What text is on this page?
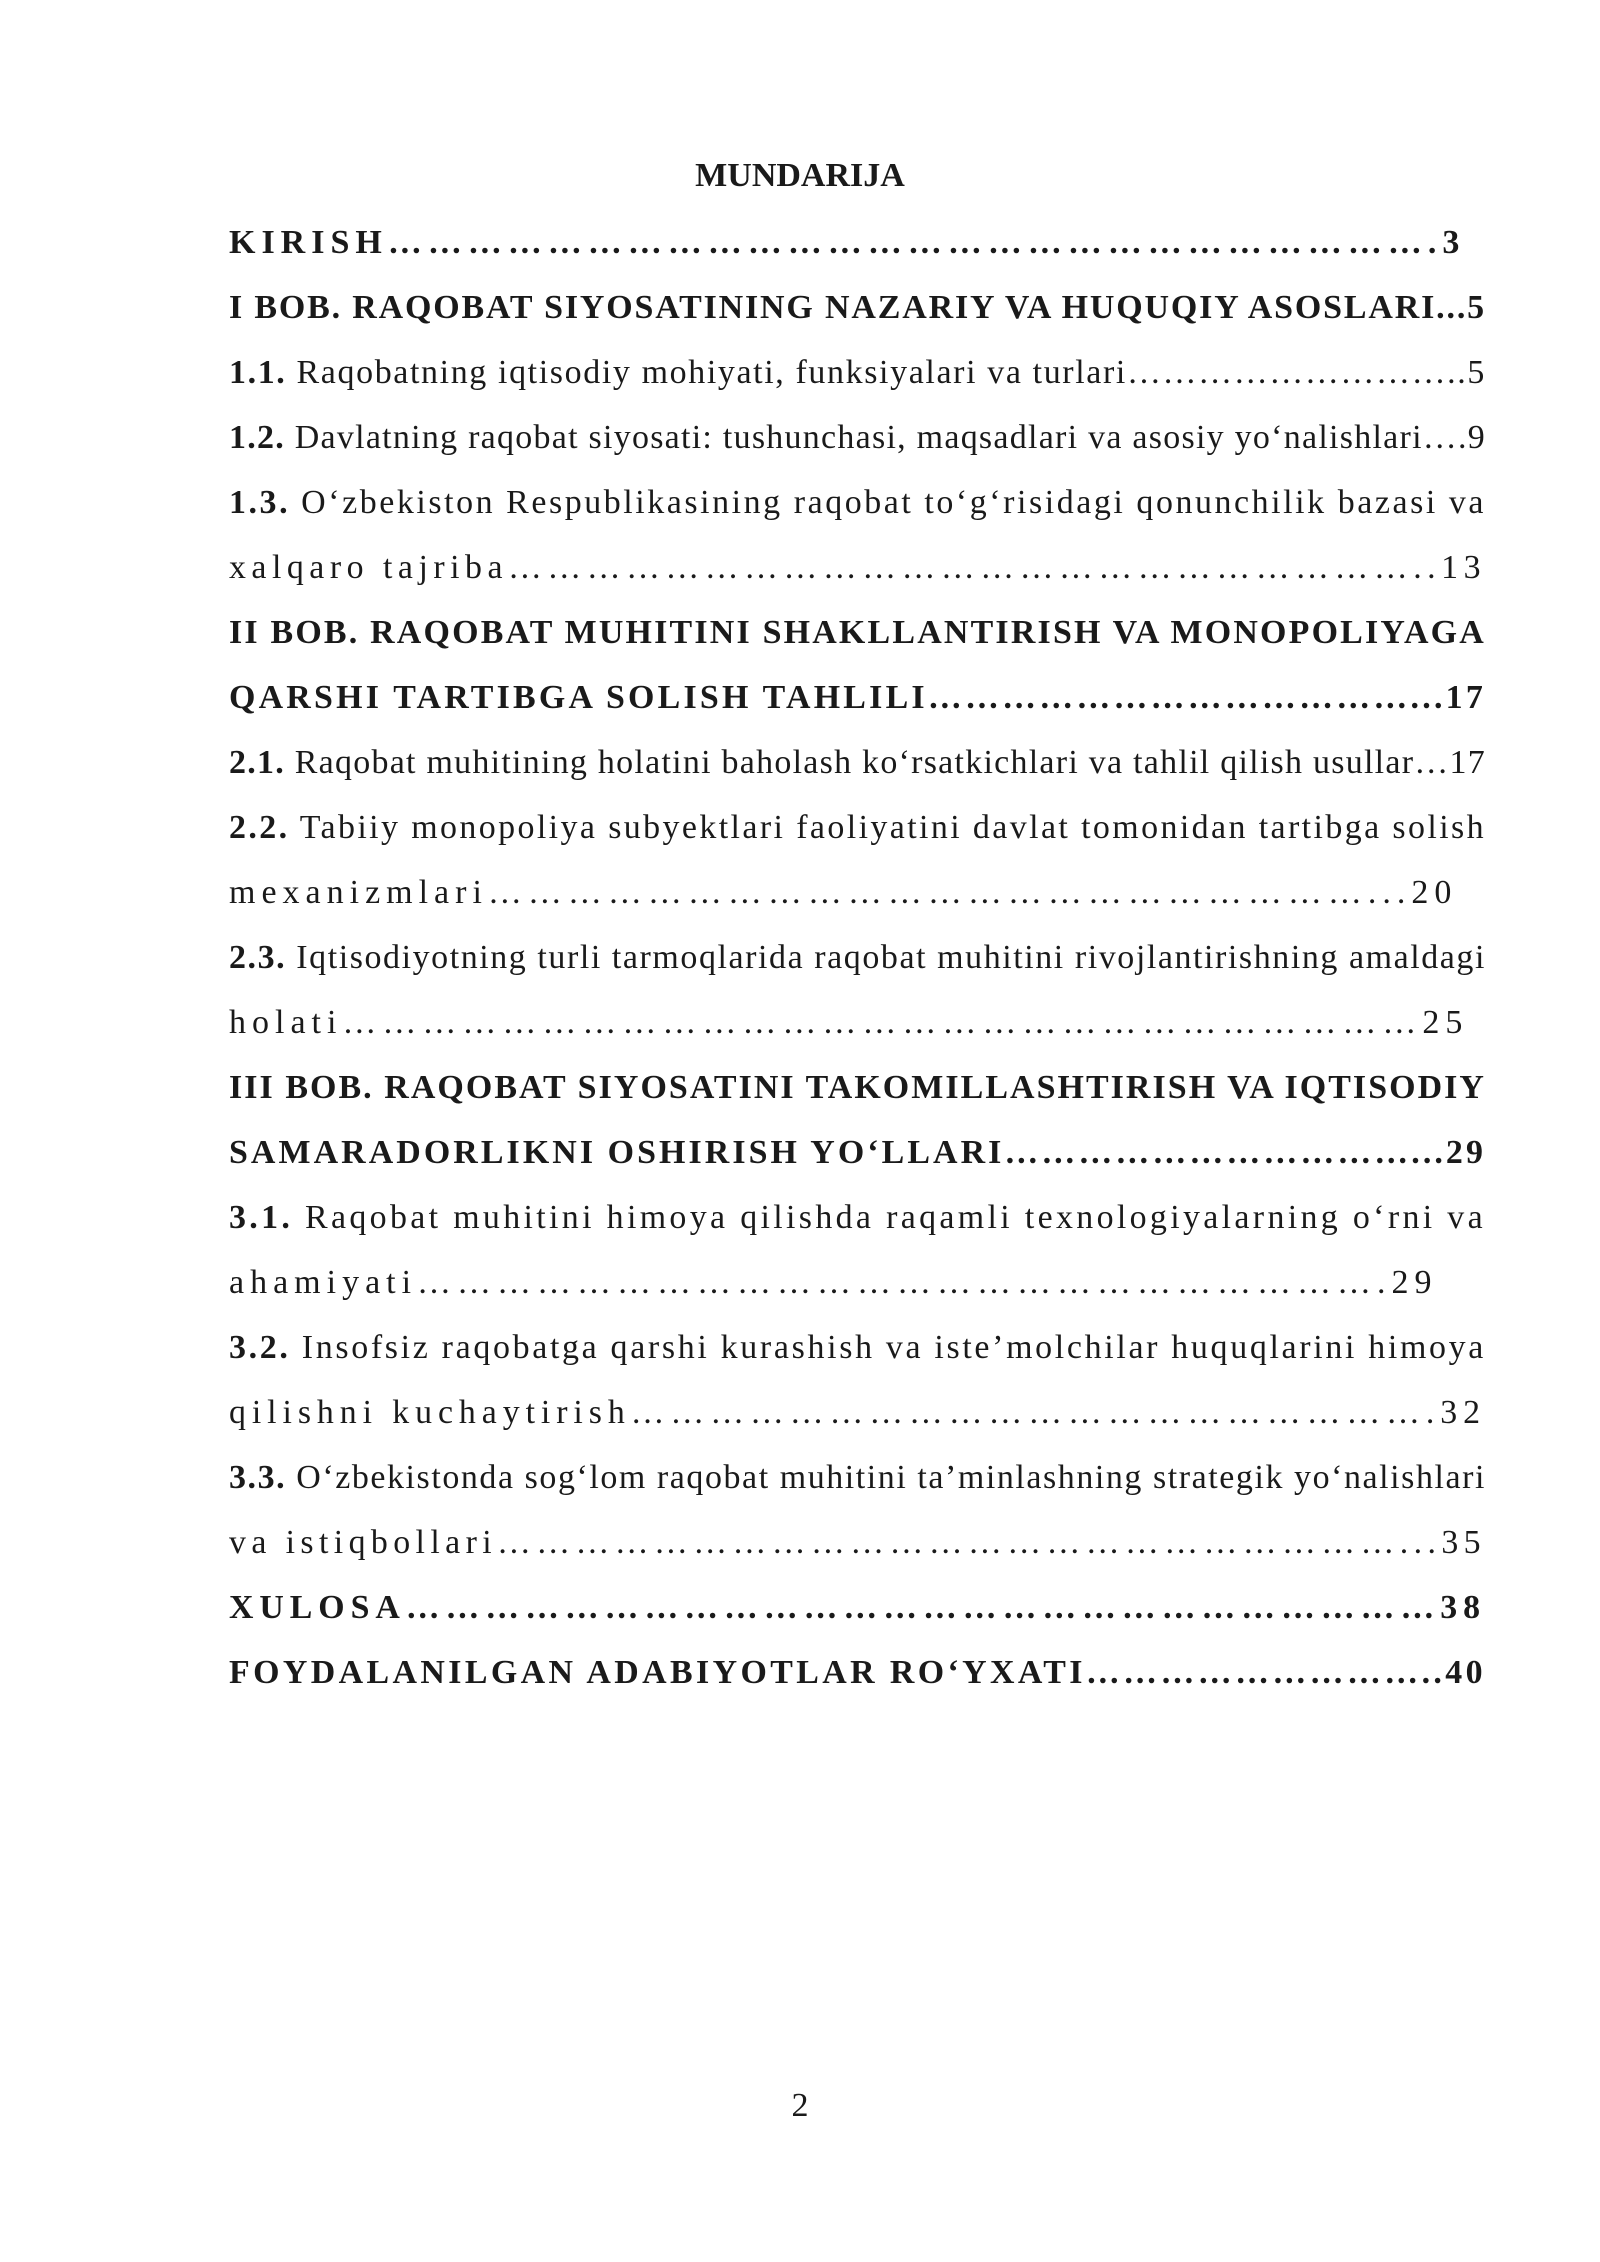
MUNDARIJA
KIRISH…………………………………………………………………….3
I BOB. RAQOBAT SIYOSATINING NAZARIY VA HUQUQIY ASOSLARI...5
1.1. Raqobatning iqtisodiy mohiyati, funksiyalari va turlari………………………..5
1.2. Davlatning raqobat siyosati: tushunchasi, maqsadlari va asosiy yo‘nalishlari….9
1.3. O‘zbekiston Respublikasining raqobat to‘g‘risidagi qonunchilik bazasi va
xalqaro tajriba……………………………………………………………..13
II BOB. RAQOBAT MUHITINI SHAKLLANTIRISH VA MONOPOLIYAGA
QARSHI TARTIBGA SOLISH TAHLILI…………………………………...17
2.1. Raqobat muhitining holatini baholash ko‘rsatkichlari va tahlil qilish usullar…17
2.2. Tabiiy monopoliya subyektlari faoliyatini davlat tomonidan tartibga solish
mexanizmlari…………………………………………………………...20
2.3. Iqtisodiyotning turli tarmoqlarida raqobat muhitini rivojlantirishning amaldagi
holati………………………………………………………………………25
III BOB. RAQOBAT SIYOSATINI TAKOMILLASHTIRISH VA IQTISODIY
SAMARADORLIKNI OSHIRISH YO‘LLARI……………………………...29
3.1. Raqobat muhitini himoya qilishda raqamli texnologiyalarning o‘rni va
ahamiyati……………………………………………………………….29
3.2. Insofsiz raqobatga qarshi kurashish va iste’molchilar huquqlarini himoya
qilishni kuchaytirish…………………………………………………….32
3.3. O‘zbekistonda sog‘lom raqobat muhitini ta’minlashning strategik yo‘nalishlari
va istiqbollari……………………………………………………………...35
XULOSA……………………………………………………………………38
FOYDALANILGAN ADABIYOTLAR RO‘YXATI………………………..40
2
